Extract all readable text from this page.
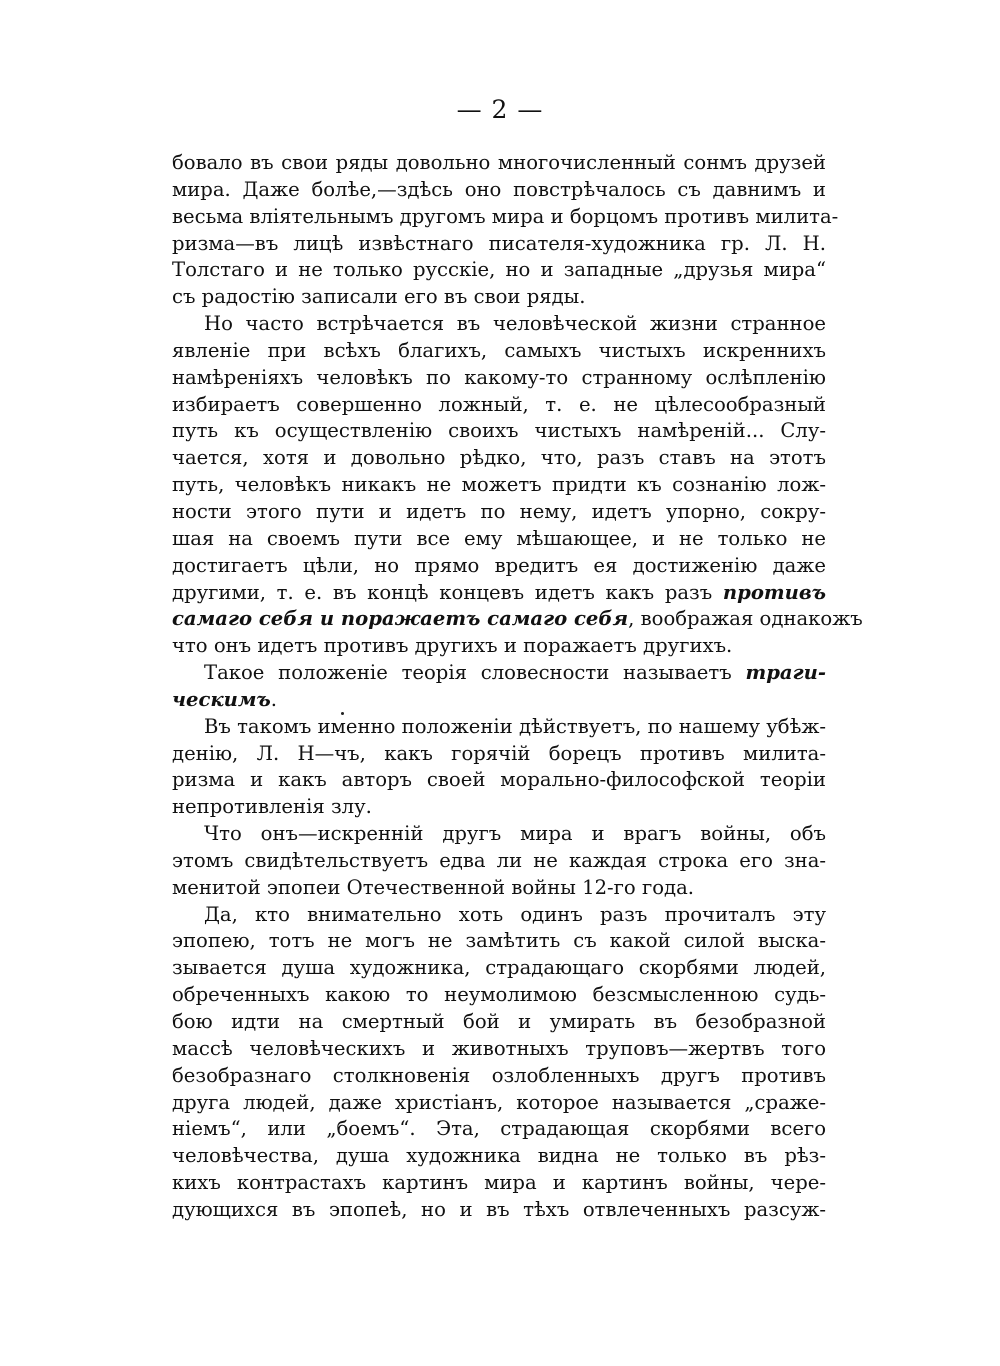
— 2 —
бовало въ свои ряды довольно многочисленный сонмъ друзей
мира. Даже болѣе,—здѣсь оно повстрѣчалось съ давнимъ и
весьма вліятельнымъ другомъ мира и борцомъ противъ милита-
ризма—въ лицѣ извѣстнаго писателя-художника гр. Л. Н.
Толстаго и не только русскіе, но и западные „друзья мира“
съ радостію записали его въ свои ряды.
Но часто встрѣчается въ человѣческой жизни странное
явленіе при всѣхъ благихъ, самыхъ чистыхъ искреннихъ
намѣреніяхъ человѣкъ по какому-то странному ослѣпленію
избираетъ совершенно ложный, т. е. не цѣлесообразный
путь къ осуществленію своихъ чистыхъ намѣреній... Слу-
чается, хотя и довольно рѣдко, что, разъ ставъ на этотъ
путь, человѣкъ никакъ не можетъ придти къ сознанію лож-
ности этого пути и идетъ по нему, идетъ упорно, сокру-
шая на своемъ пути все ему мѣшающее, и не только не
достигаетъ цѣли, но прямо вредитъ ея достиженію даже
другими, т. е. въ концѣ концевъ идетъ какъ разъ противъ
самаго себя и поражаетъ самаго себя, воображая однакожъ
что онъ идетъ противъ другихъ и поражаетъ другихъ.
Такое положеніе теорія словесности называетъ траги-
ческимъ.
Въ такомъ именно положеніи дѣйствуетъ, по нашему убѣж-
денію, Л. Н—чъ, какъ горячій борецъ противъ милита-
ризма и какъ авторъ своей морально-философской теоріи
непротивленія злу.
Что онъ—искренній другъ мира и врагъ войны, объ
этомъ свидѣтельствуетъ едва ли не каждая строка его зна-
менитой эпопеи Отечественной войны 12-го года.
Да, кто внимательно хоть одинъ разъ прочиталъ эту
эпопею, тотъ не могъ не замѣтить съ какой силой выска-
зывается душа художника, страдающаго скорбями людей,
обреченныхъ какою то неумолимою безсмысленною судь-
бою идти на смертный бой и умирать въ безобразной
массѣ человѣческихъ и животныхъ труповъ—жертвъ того
безобразнаго столкновенія озлобленныхъ другъ противъ
друга людей, даже христіанъ, которое называется „сраже-
ніемъ“, или „боемъ“. Эта, страдающая скорбями всего
человѣчества, душа художника видна не только въ рѣз-
кихъ контрастахъ картинъ мира и картинъ войны, чере-
дующихся въ эпопеѣ, но и въ тѣхъ отвлеченныхъ разсуж-
